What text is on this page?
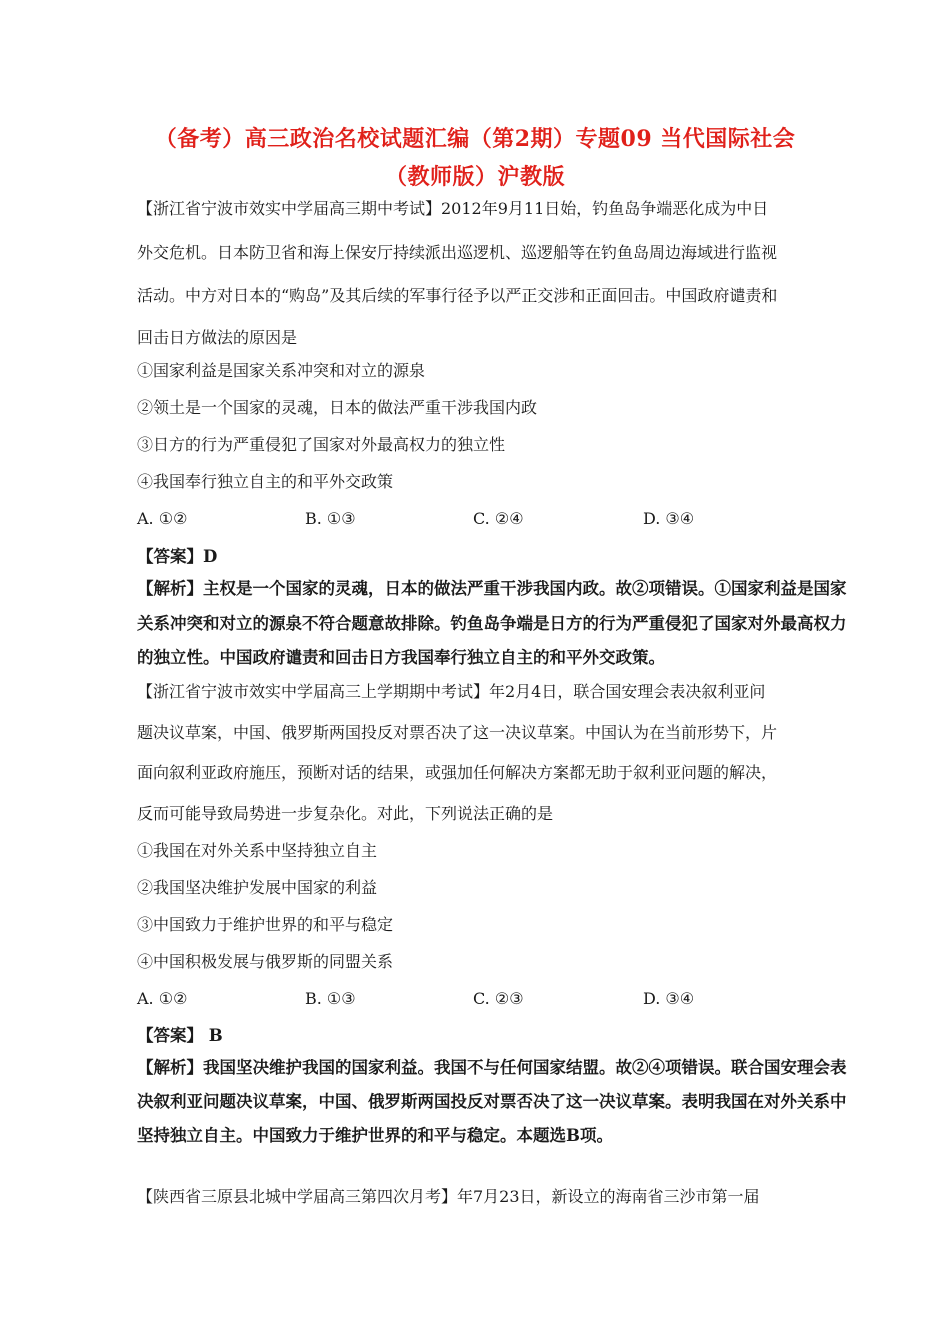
（备考）高三政治名校试题汇编（第2期）专题09 当代国际社会
（教师版）沪教版
【浙江省宁波市效实中学届高三期中考试】2012年9月11日始，钓鱼岛争端恶化成为中日
外交危机。日本防卫省和海上保安厅持续派出巡逻机、巡逻船等在钓鱼岛周边海域进行监视
活动。中方对日本的“购岛”及其后续的军事行径予以严正交涉和正面回击。中国政府谴责和
回击日方做法的原因是
①国家利益是国家关系冲突和对立的源泉
②领土是一个国家的灵魂，日本的做法严重干涉我国内政
③日方的行为严重侵犯了国家对外最高权力的独立性
④我国奉行独立自主的和平外交政策
A. ①②	B. ①③	C. ②④	D. ③④
【答案】D
【解析】主权是一个国家的灵魂，日本的做法严重干涉我国内政。故②项错误。①国家利益是国家
关系冲突和对立的源泉不符合题意故排除。钓鱼岛争端是日方的行为严重侵犯了国家对外最高权力
的独立性。中国政府谴责和回击日方我国奉行独立自主的和平外交政策。
【浙江省宁波市效实中学届高三上学期期中考试】年2月4日，联合国安理会表决叙利亚问
题决议草案，中国、俄罗斯两国投反对票否决了这一决议草案。中国认为在当前形势下，片
面向叙利亚政府施压，预断对话的结果，或强加任何解决方案都无助于叙利亚问题的解决，
反而可能导致局势进一步复杂化。对此，下列说法正确的是
①我国在对外关系中坚持独立自主
②我国坚决维护发展中国家的利益
③中国致力于维护世界的和平与稳定
④中国积极发展与俄罗斯的同盟关系
A. ①②	B. ①③	C. ②③	D. ③④
【答案】 B
【解析】我国坚决维护我国的国家利益。我国不与任何国家结盟。故②④项错误。联合国安理会表
决叙利亚问题决议草案，中国、俄罗斯两国投反对票否决了这一决议草案。表明我国在对外关系中
坚持独立自主。中国致力于维护世界的和平与稳定。本题选B项。
【陕西省三原县北城中学届高三第四次月考】年7月23日，新设立的海南省三沙市第一届
